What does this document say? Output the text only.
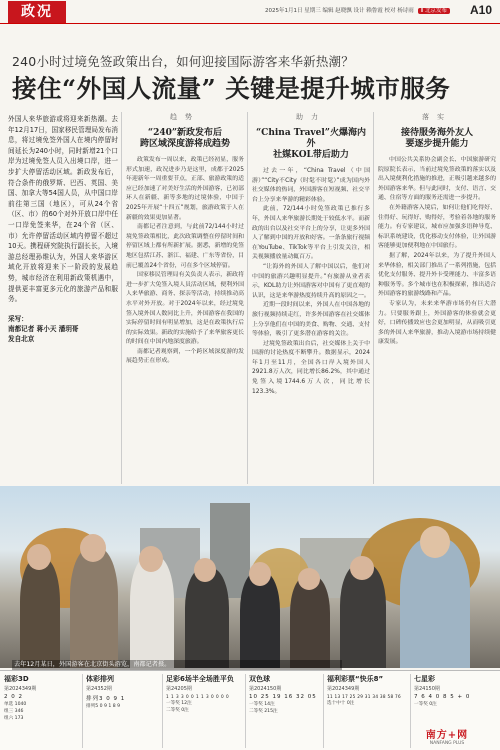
政况	2025年1月1日 星期三 编辑 赵晓飘 设计 赖鲁霞 校对 杨诗雨 Ⅱ 北京发布 A10
240小时过境免签政策出台，如何迎接国际游客来华新热潮？
接住“外国人流量” 关键是提升城市服务
外国人来华旅游或将迎来新热潮。去年12月17日，国家移民管理局发布消息，将过境免签外国人在境内停留时间延长为240小时，同时新增21个口岸为过境免签人员入出境口岸，进一步扩大停留活动区域。新政发布后，符合条件的俄罗斯、巴西、英国、美国、加拿大等54国人员，从中国口岸前往第三国（地区），可从24个省（区、市）的60个对外开放口岸中任一口岸免签来华，在24个省（区、市）允许停留活动区域内停留不超过10天。携程研究院执行副长长，入境游总经理孙维认为，外国人来华游区域化开放将迎来下一阶段的发展趋势，城市经济在利用新政策机遇中，提供更丰富更多元化的旅游产品和服务。
采写：
南都记者 蒋小天 潘玥哥
发自北京
趋势
“240”新政发布后
跨区域深度游将成趋势

政策发布一周以来，政策已经初显，服务形式加速，政况进步乃是这里，成都于2025年迎新年一周重要节点，正部、旅游政策的适应已经加速了对美好生活的外国游客，已初部环人在新疆、新等多地的过境体验，中国于2025年开展“十四五”规划，旅游政策于人在新疆的效果更加显著。

南都记者注意到，与此前72/144小时过境免签政策相比，此次政策调整在停留时间和停留区域上都有所新扩展。据悉，新增的免签地区包括江苏、浙江、福建、广东等省份，目前已覆盖24个省份，可在多个区域停留。

国家移民管理局有关负责人表示，新政将进一步扩大免签入境人员活动区域，便利外国人来华旅游、商务、探亲等活动，持续推动高水平对外开放。对于2024年以来，经过境免签入境外国人数同比上升，外国游客在我国的实际停留时间有明显增加，这是在政策执行后的实际效果。新政的实施给予了来华旅客更长的时间在中国内地深度旅游。

南都记者观察到，一个跨区域深度游的发展趋势正在形成。

助力
“China Travel”火爆海内外
社媒KOL带后助力

过去一年，“China Travel（中国游）”“City不City（时髦不时髦）”成为国内外社交媒体的热词，外国游客在短视频、社交平台上分享来华游的精彩体验。

此前，72/144小时免签政策已推行多年，外国人来华旅游长期处于较低水平。而新政的出台以及社交平台上的分享，让更多外国人了解到中国的开放和好客。一条条旅行视频在YouTube、TikTok等平台上引发关注，相关视频播放量动辄百万。

“让海外的外国人了解中国以后，他们对中国的旅游兴趣明显提升。”有旅游从业者表示，KOL助力让外国游客对中国有了更直观的认识，这是来华游热度持续升高的原因之一。

近期一段时间以来，外国人在中国各地的旅行视频持续走红，许多外国游客在社交媒体上分享他们在中国的美食、购物、交通、支付等体验，吸引了更多潜在游客的关注。

过境免签政策出台后，社交媒体上关于中国游的讨论热度不断攀升。数据显示，2024年1月至11月，全国各口岸入境外国人2921.8万人次，同比增长86.2%，其中通过免签入境1744.6万人次，同比增长123.3%。

落实
接待服务海外友人
要逐步提升能力

中国公共关系协会副会长、中国旅游研究院原院长表示，当前过境免签政策的落实以及出入境便利化措施的推进，正吸引越来越多的外国游客来华。但与此同时，支付、语言、交通、住宿等方面的服务还需进一步提升。

在外籍游客入境后，如何让他们吃得好、住得好、玩得好、购得好，考验着各地的服务能力。有专家建议，城市应加强多语种导览、标识系统建设，优化移动支付体验，让外国游客能够更加便利地在中国旅行。

据了解，2024年以来，为了提升外国人来华体验，相关部门推出了一系列措施，包括优化支付服务、提升外卡受理能力、丰富多语种服务等。多个城市也在积极探索，推出适合外国游客的旅游线路和产品。

专家认为，未来来华游市场仍有巨大潜力。只要服务跟上，外国游客的体验就会更好，口碑传播效应也会更加明显，从而吸引更多的外国人来华旅游，推动入境游市场持续健康发展。

去年12月某日，外国游客在北京街头游览，南都记者摄。
福彩3D
第2024349期
2 0 2
单选 1040
组三 346
组六 173
体彩排列
第24352期
排列3 0 9 1
排列5 0 9 1 8 9
足彩6场半全场胜平负
第24205期
1 1 3 3 0 0 1 1 3 0 0 0 0
一等奖 12注
二等奖 0注
双色球
第2024150期
10 25 19 16 32 05
一等奖 14注
二等奖 215注
福利彩票“快乐8”
第2024349期
11 13 17 25 29 31 34 38 58 76
选十中十 0注
七星彩
第24150期
7 6 4 0 8 5 + 0
一等奖 0注
南方+网
NANFANG PLUS
